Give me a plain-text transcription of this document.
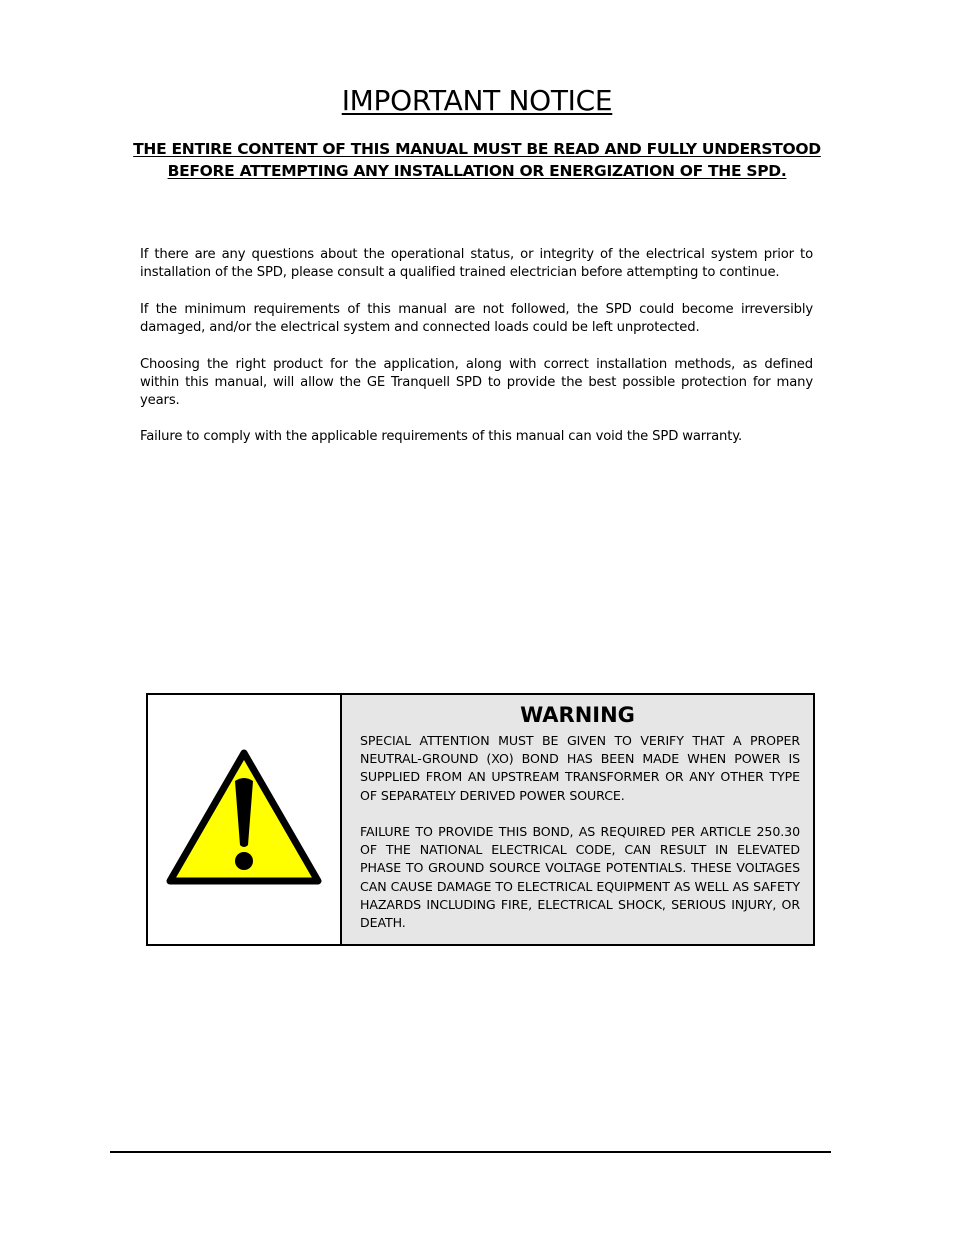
IMPORTANT NOTICE

THE ENTIRE CONTENT OF THIS MANUAL MUST BE READ AND FULLY UNDERSTOOD

BEFORE ATTEMPTING ANY INSTALLATION OR ENERGIZATION OF THE SPD.

If there are any questions about the operational status, or integrity of the electrical system prior to installation of the SPD, please consult a qualified trained electrician before attempting to continue.

If the minimum requirements of this manual are not followed, the SPD could become irreversibly damaged, and/or the electrical system and connected loads could be left unprotected.

Choosing the right product for the application, along with correct installation methods, as defined within this manual, will allow the GE Tranquell SPD to provide the best possible protection for many years.

Failure to comply with the applicable requirements of this manual can void the SPD warranty.

WARNING

SPECIAL ATTENTION MUST BE GIVEN TO VERIFY THAT A PROPER NEUTRAL-GROUND (XO) BOND HAS BEEN MADE WHEN POWER IS SUPPLIED FROM AN UPSTREAM TRANSFORMER OR ANY OTHER TYPE OF SEPARATELY DERIVED POWER SOURCE.

FAILURE TO PROVIDE THIS BOND, AS REQUIRED PER ARTICLE 250.30 OF THE NATIONAL ELECTRICAL CODE, CAN RESULT IN ELEVATED PHASE TO GROUND SOURCE VOLTAGE POTENTIALS. THESE VOLTAGES CAN CAUSE DAMAGE TO ELECTRICAL EQUIPMENT AS WELL AS SAFETY HAZARDS INCLUDING FIRE, ELECTRICAL SHOCK, SERIOUS INJURY, OR DEATH.
